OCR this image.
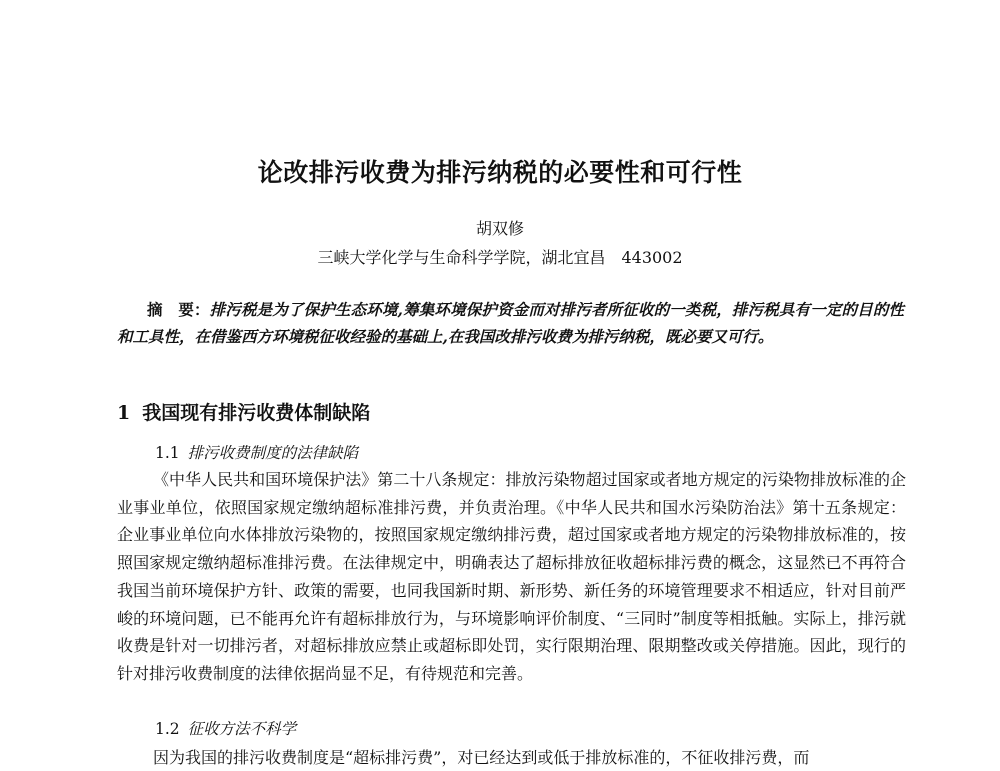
论改排污收费为排污纳税的必要性和可行性
胡双修
三峡大学化学与生命科学学院，湖北宜昌　443002
摘　要：排污税是为了保护生态环境,筹集环境保护资金而对排污者所征收的一类税，排污税具有一定的目的性和工具性，在借鉴西方环境税征收经验的基础上,在我国改排污收费为排污纳税，既必要又可行。
1 我国现有排污收费体制缺陷
1.1 排污收费制度的法律缺陷
《中华人民共和国环境保护法》第二十八条规定：排放污染物超过国家或者地方规定的污染物排放标准的企业事业单位，依照国家规定缴纳超标准排污费，并负责治理。《中华人民共和国水污染防治法》第十五条规定：企业事业单位向水体排放污染物的，按照国家规定缴纳排污费，超过国家或者地方规定的污染物排放标准的，按照国家规定缴纳超标准排污费。在法律规定中，明确表达了超标排放征收超标排污费的概念，这显然已不再符合我国当前环境保护方针、政策的需要，也同我国新时期、新形势、新任务的环境管理要求不相适应，针对目前严峻的环境问题，已不能再允许有超标排放行为，与环境影响评价制度、“三同时”制度等相抵触。实际上，排污就收费是针对一切排污者，对超标排放应禁止或超标即处罚，实行限期治理、限期整改或关停措施。因此，现行的针对排污收费制度的法律依据尚显不足，有待规范和完善。
1.2 征收方法不科学
因为我国的排污收费制度是“超标排污费”，对已经达到或低于排放标准的，不征收排污费，而
